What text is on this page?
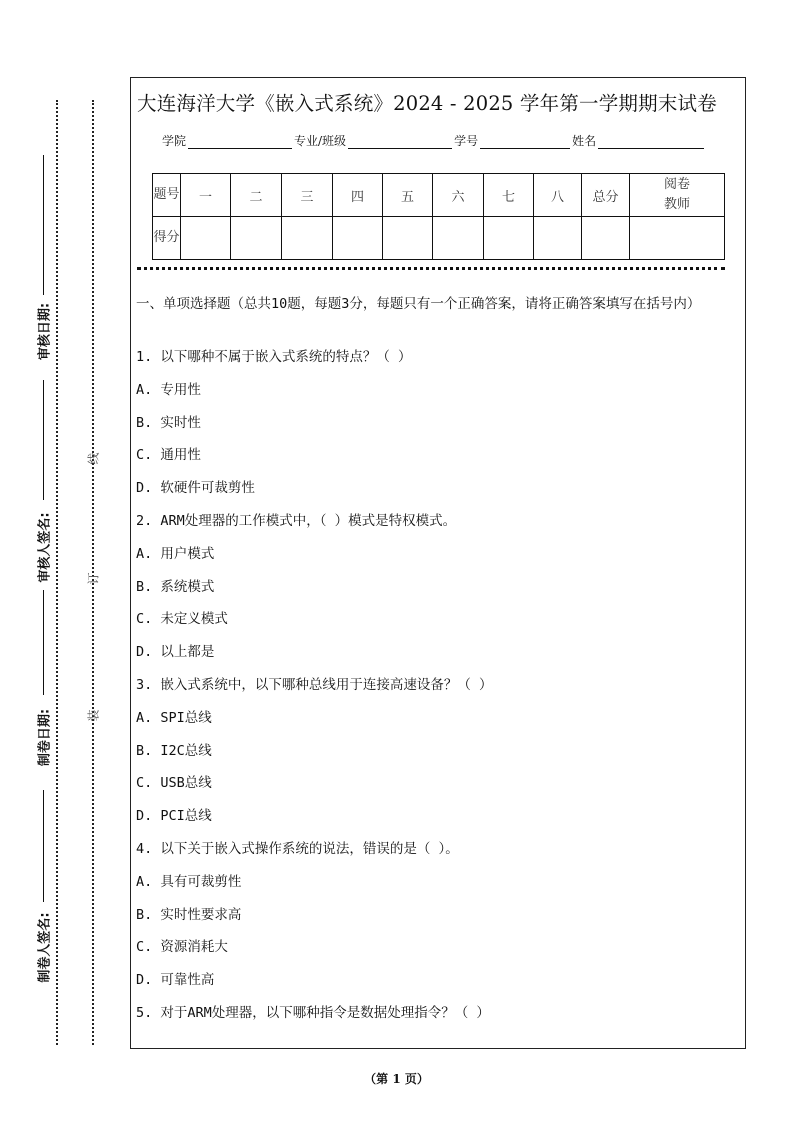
审核日期:
审核人签名:
制卷日期:
制卷人签名:
线
订
装
大连海洋大学《嵌入式系统》2024 - 2025 学年第一学期期末试卷
学院	专业/班级	学号	姓名
题号	一	二	三	四	五	六	七	八	总分	阅卷教师
得分										
一、单项选择题（总共10题，每题3分，每题只有一个正确答案，请将正确答案填写在括号内）
1. 以下哪种不属于嵌入式系统的特点？（ ）
A. 专用性
B. 实时性
C. 通用性
D. 软硬件可裁剪性
2. ARM处理器的工作模式中，（ ）模式是特权模式。
A. 用户模式
B. 系统模式
C. 未定义模式
D. 以上都是
3. 嵌入式系统中，以下哪种总线用于连接高速设备？（ ）
A. SPI总线
B. I2C总线
C. USB总线
D. PCI总线
4. 以下关于嵌入式操作系统的说法，错误的是（ ）。
A. 具有可裁剪性
B. 实时性要求高
C. 资源消耗大
D. 可靠性高
5. 对于ARM处理器，以下哪种指令是数据处理指令？（ ）
（第 1 页）
